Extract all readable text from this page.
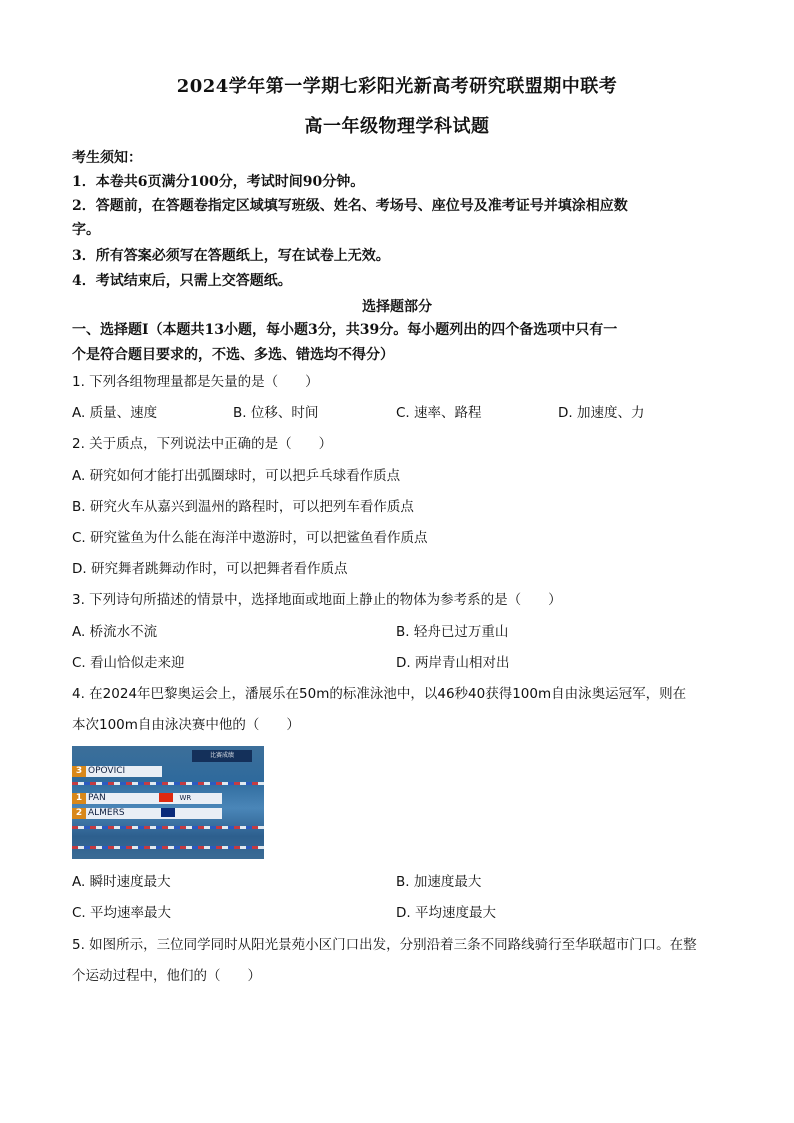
2024学年第一学期七彩阳光新高考研究联盟期中联考
高一年级物理学科试题
考生须知：
1．本卷共6页满分100分，考试时间90分钟。
2．答题前，在答题卷指定区域填写班级、姓名、考场号、座位号及准考证号并填涂相应数
字。
3．所有答案必须写在答题纸上，写在试卷上无效。
4．考试结束后，只需上交答题纸。
选择题部分
一、选择题Ⅰ（本题共13小题，每小题3分，共39分。每小题列出的四个备选项中只有一
个是符合题目要求的，不选、多选、错选均不得分）
1. 下列各组物理量都是矢量的是（　　）
A. 质量、速度	B. 位移、时间	C. 速率、路程	D. 加速度、力
2. 关于质点，下列说法中正确的是（　　）
A. 研究如何才能打出弧圈球时，可以把乒乓球看作质点
B. 研究火车从嘉兴到温州的路程时，可以把列车看作质点
C. 研究鲨鱼为什么能在海洋中遨游时，可以把鲨鱼看作质点
D. 研究舞者跳舞动作时，可以把舞者看作质点
3. 下列诗句所描述的情景中，选择地面或地面上静止的物体为参考系的是（　　）
A. 桥流水不流	B. 轻舟已过万重山
C. 看山恰似走来迎	D. 两岸青山相对出
4. 在2024年巴黎奥运会上，潘展乐在50m的标准泳池中，以46秒40获得100m自由泳奥运冠军，则在
本次100m自由泳决赛中他的（　　）
比赛成绩
3 OPOVICI
1 PAN	WR
2 ALMERS
A. 瞬时速度最大	B. 加速度最大
C. 平均速率最大	D. 平均速度最大
5. 如图所示，三位同学同时从阳光景苑小区门口出发，分别沿着三条不同路线骑行至华联超市门口。在整
个运动过程中，他们的（　　）
